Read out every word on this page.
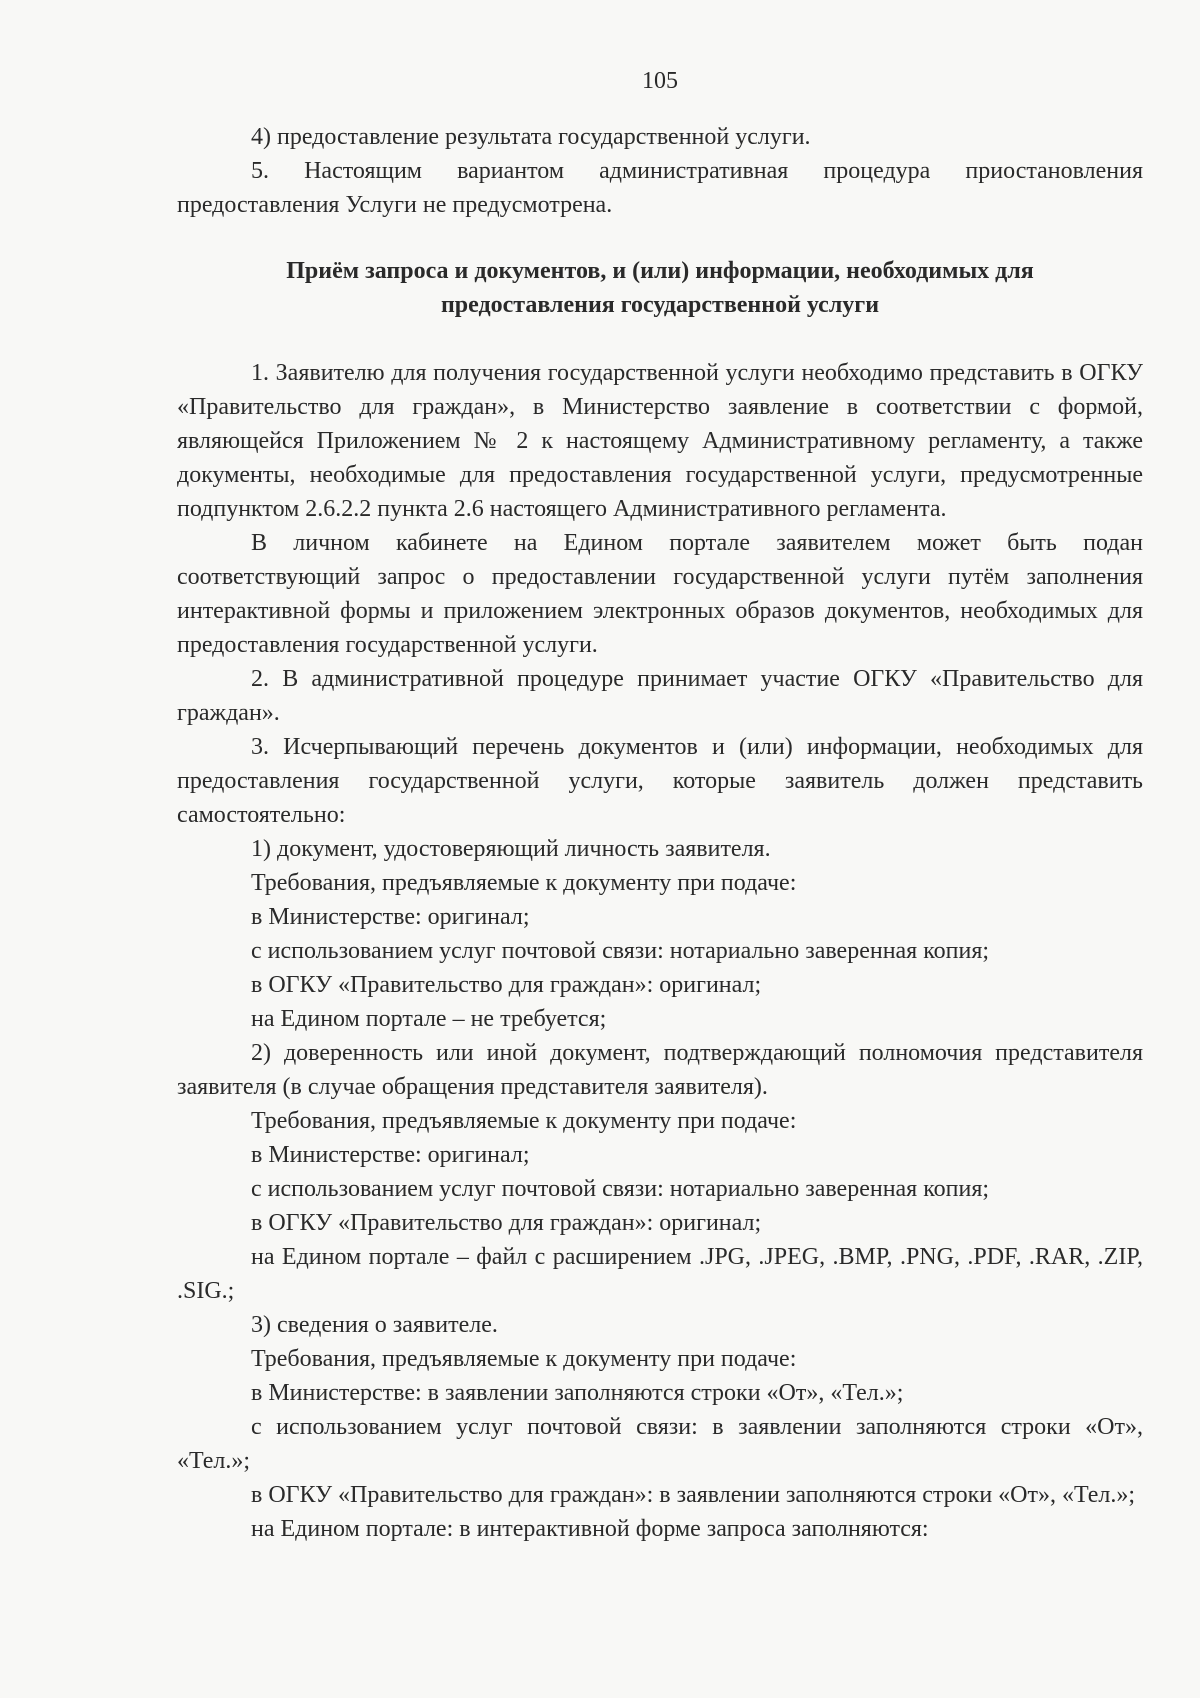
105

4) предоставление результата государственной услуги.

5. Настоящим вариантом административная процедура приостановления предоставления Услуги не предусмотрена.

Приём запроса и документов, и (или) информации, необходимых для предоставления государственной услуги

1. Заявителю для получения государственной услуги необходимо представить в ОГКУ «Правительство для граждан», в Министерство заявление в соответствии с формой, являющейся Приложением № 2 к настоящему Административному регламенту, а также документы, необходимые для предоставления государственной услуги, предусмотренные подпунктом 2.6.2.2 пункта 2.6 настоящего Административного регламента.

В личном кабинете на Едином портале заявителем может быть подан соответствующий запрос о предоставлении государственной услуги путём заполнения интерактивной формы и приложением электронных образов документов, необходимых для предоставления государственной услуги.

2. В административной процедуре принимает участие ОГКУ «Правительство для граждан».

3. Исчерпывающий перечень документов и (или) информации, необходимых для предоставления государственной услуги, которые заявитель должен представить самостоятельно:

1) документ, удостоверяющий личность заявителя.

Требования, предъявляемые к документу при подаче:

в Министерстве: оригинал;

с использованием услуг почтовой связи: нотариально заверенная копия;

в ОГКУ «Правительство для граждан»: оригинал;

на Едином портале – не требуется;

2) доверенность или иной документ, подтверждающий полномочия представителя заявителя (в случае обращения представителя заявителя).

Требования, предъявляемые к документу при подаче:

в Министерстве: оригинал;

с использованием услуг почтовой связи: нотариально заверенная копия;

в ОГКУ «Правительство для граждан»: оригинал;

на Едином портале – файл с расширением .JPG, .JPEG, .BMP, .PNG, .PDF, .RAR, .ZIP, .SIG.;

3) сведения о заявителе.

Требования, предъявляемые к документу при подаче:

в Министерстве: в заявлении заполняются строки «От», «Тел.»;

с использованием услуг почтовой связи: в заявлении заполняются строки «От», «Тел.»;

в ОГКУ «Правительство для граждан»: в заявлении заполняются строки «От», «Тел.»;

на Едином портале: в интерактивной форме запроса заполняются:
